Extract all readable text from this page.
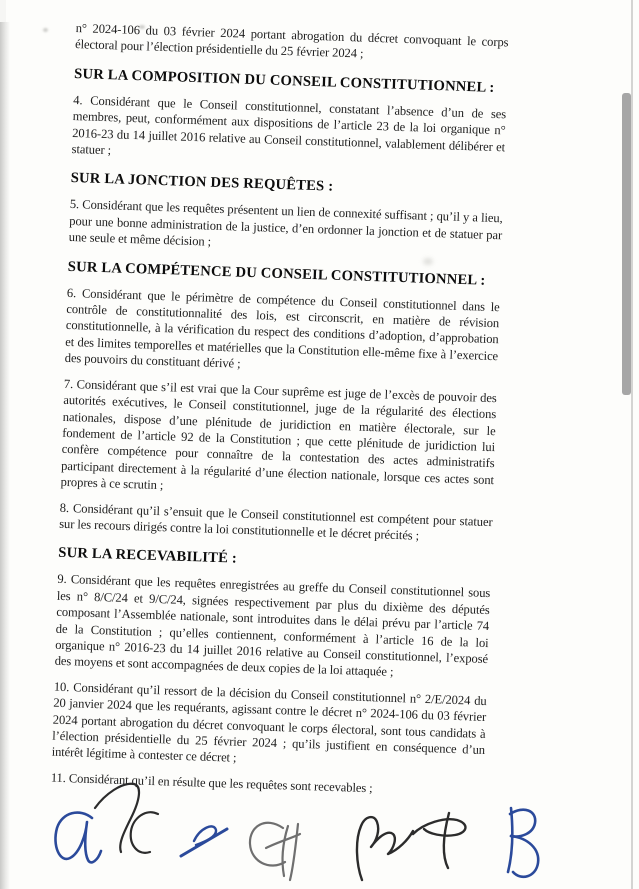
n° 2024-106 du 03 février 2024 portant abrogation du décret convoquant le corps électoral pour l’élection présidentielle du 25 février 2024 ;

SUR LA COMPOSITION DU CONSEIL CONSTITUTIONNEL :

4. Considérant que le Conseil constitutionnel, constatant l’absence d’un de ses membres, peut, conformément aux dispositions de l’article 23 de la loi organique n° 2016-23 du 14 juillet 2016 relative au Conseil constitutionnel, valablement délibérer et statuer ;

SUR LA JONCTION DES REQUÊTES :

5. Considérant que les requêtes présentent un lien de connexité suffisant ; qu’il y a lieu, pour une bonne administration de la justice, d’en ordonner la jonction et de statuer par une seule et même décision ;

SUR LA COMPÉTENCE DU CONSEIL CONSTITUTIONNEL :

6. Considérant que le périmètre de compétence du Conseil constitutionnel dans le contrôle de constitutionnalité des lois, est circonscrit, en matière de révision constitutionnelle, à la vérification du respect des conditions d’adoption, d’approbation et des limites temporelles et matérielles que la Constitution elle-même fixe à l’exercice des pouvoirs du constituant dérivé ;

7. Considérant que s’il est vrai que la Cour suprême est juge de l’excès de pouvoir des autorités exécutives, le Conseil constitutionnel, juge de la régularité des élections nationales, dispose d’une plénitude de juridiction en matière électorale, sur le fondement de l’article 92 de la Constitution ; que cette plénitude de juridiction lui confère compétence pour connaître de la contestation des actes administratifs participant directement à la régularité d’une élection nationale, lorsque ces actes sont propres à ce scrutin ;

8. Considérant qu’il s’ensuit que le Conseil constitutionnel est compétent pour statuer sur les recours dirigés contre la loi constitutionnelle et le décret précités ;

SUR LA RECEVABILITÉ :

9. Considérant que les requêtes enregistrées au greffe du Conseil constitutionnel sous les n° 8/C/24 et 9/C/24, signées respectivement par plus du dixième des députés composant l’Assemblée nationale, sont introduites dans le délai prévu par l’article 74 de la Constitution ; qu’elles contiennent, conformément à l’article 16 de la loi organique n° 2016-23 du 14 juillet 2016 relative au Conseil constitutionnel, l’exposé des moyens et sont accompagnées de deux copies de la loi attaquée ;

10. Considérant qu’il ressort de la décision du Conseil constitutionnel n° 2/E/2024 du 20 janvier 2024 que les requérants, agissant contre le décret n° 2024-106 du 03 février 2024 portant abrogation du décret convoquant le corps électoral, sont tous candidats à l’élection présidentielle du 25 février 2024 ; qu’ils justifient en conséquence d’un intérêt légitime à contester ce décret ;

11. Considérant qu’il en résulte que les requêtes sont recevables ;
